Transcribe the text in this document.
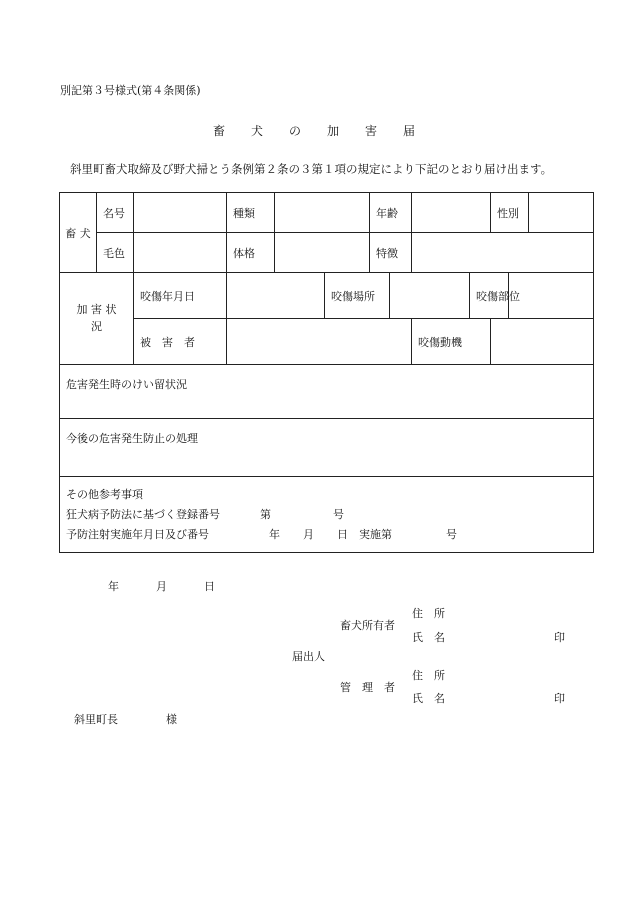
別記第３号様式(第４条関係)
畜 犬 の 加 害 届
斜里町畜犬取締及び野犬掃とう条例第２条の３第１項の規定により下記のとおり届け出ます。
畜 犬	名号		種類			年齢				性別		
	毛色		体格			特徴						

加 害 状
況		咬傷年月日			咬傷場所				咬傷部位			
		被　害　者						咬傷動機				
危害発生時のけい留状況												
今後の危害発生防止の処理												

その他参考事項
狂犬病予防法に基づく登録番号 第 号
予防注射実施年月日及び番号 年 月 日 実施第 号												
年	月	日
住　所
畜犬所有者
氏　名	印
届出人
住　所
管　理　者
氏　名	印
斜里町長	様
